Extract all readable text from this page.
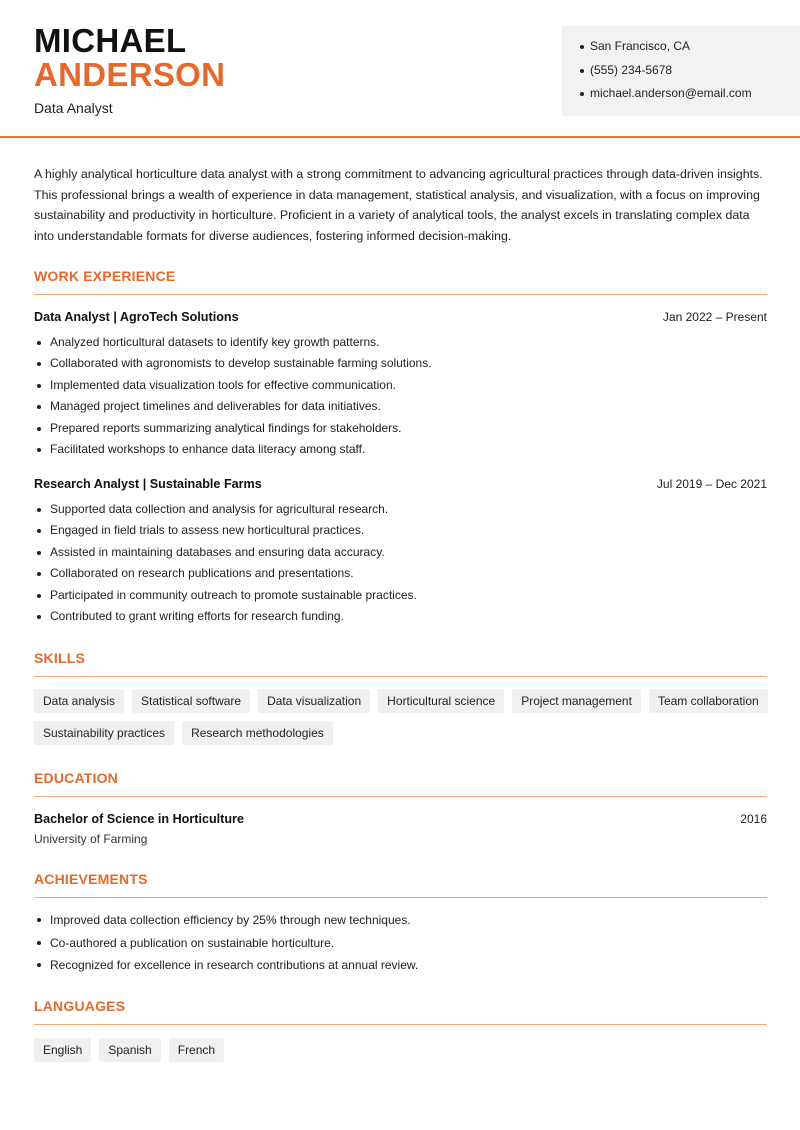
MICHAEL
ANDERSON
Data Analyst
San Francisco, CA
(555) 234-5678
michael.anderson@email.com

A highly analytical horticulture data analyst with a strong commitment to advancing agricultural practices through data-driven insights. This professional brings a wealth of experience in data management, statistical analysis, and visualization, with a focus on improving sustainability and productivity in horticulture. Proficient in a variety of analytical tools, the analyst excels in translating complex data into understandable formats for diverse audiences, fostering informed decision-making.

WORK EXPERIENCE
Data Analyst | AgroTech Solutions	Jan 2022 – Present
Analyzed horticultural datasets to identify key growth patterns.
Collaborated with agronomists to develop sustainable farming solutions.
Implemented data visualization tools for effective communication.
Managed project timelines and deliverables for data initiatives.
Prepared reports summarizing analytical findings for stakeholders.
Facilitated workshops to enhance data literacy among staff.
Research Analyst | Sustainable Farms	Jul 2019 – Dec 2021
Supported data collection and analysis for agricultural research.
Engaged in field trials to assess new horticultural practices.
Assisted in maintaining databases and ensuring data accuracy.
Collaborated on research publications and presentations.
Participated in community outreach to promote sustainable practices.
Contributed to grant writing efforts for research funding.
SKILLS
Data analysis	Statistical software	Data visualization	Horticultural science	Project management	Team collaboration
Sustainability practices	Research methodologies
EDUCATION
Bachelor of Science in Horticulture	2016
University of Farming
ACHIEVEMENTS
Improved data collection efficiency by 25% through new techniques.
Co-authored a publication on sustainable horticulture.
Recognized for excellence in research contributions at annual review.
LANGUAGES
English	Spanish	French
